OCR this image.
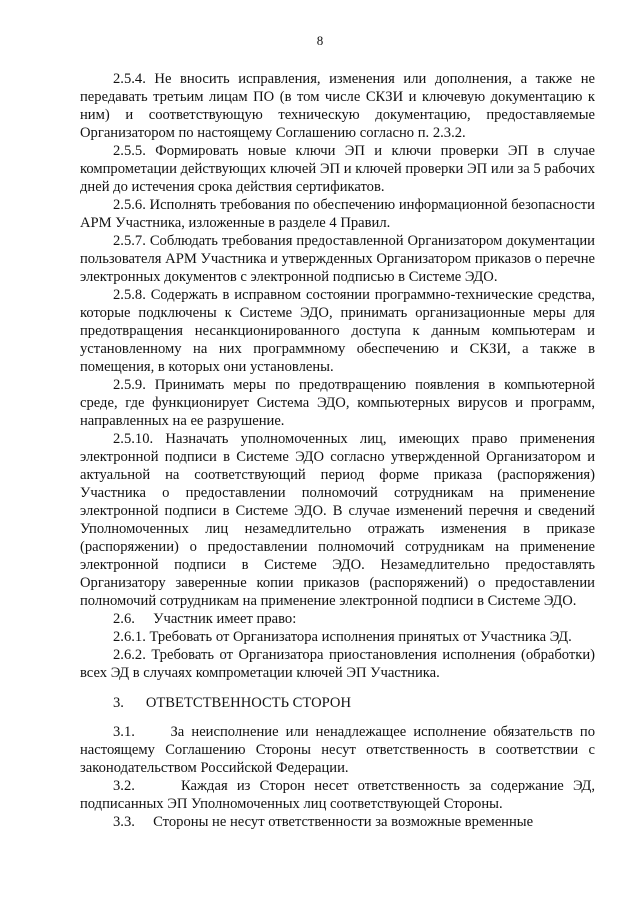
8

2.5.4. Не вносить исправления, изменения или дополнения, а также не передавать третьим лицам ПО (в том числе СКЗИ и ключевую документацию к ним) и соответствующую техническую документацию, предоставляемые Организатором по настоящему Соглашению согласно п. 2.3.2.

2.5.5. Формировать новые ключи ЭП и ключи проверки ЭП в случае компрометации действующих ключей ЭП и ключей проверки ЭП или за 5 рабочих дней до истечения срока действия сертификатов.

2.5.6. Исполнять требования по обеспечению информационной безопасности АРМ Участника, изложенные в разделе 4 Правил.

2.5.7. Соблюдать требования предоставленной Организатором документации пользователя АРМ Участника и утвержденных Организатором приказов о перечне электронных документов с электронной подписью в Системе ЭДО.

2.5.8. Содержать в исправном состоянии программно-технические средства, которые подключены к Системе ЭДО, принимать организационные меры для предотвращения несанкционированного доступа к данным компьютерам и установленному на них программному обеспечению и СКЗИ, а также в помещения, в которых они установлены.

2.5.9. Принимать меры по предотвращению появления в компьютерной среде, где функционирует Система ЭДО, компьютерных вирусов и программ, направленных на ее разрушение.

2.5.10. Назначать уполномоченных лиц, имеющих право применения электронной подписи в Системе ЭДО согласно утвержденной Организатором и актуальной на соответствующий период форме приказа (распоряжения) Участника о предоставлении полномочий сотрудникам на применение электронной подписи в Системе ЭДО. В случае изменений перечня и сведений Уполномоченных лиц незамедлительно отражать изменения в приказе (распоряжении) о предоставлении полномочий сотрудникам на применение электронной подписи в Системе ЭДО. Незамедлительно предоставлять Организатору заверенные копии приказов (распоряжений) о предоставлении полномочий сотрудникам на применение электронной подписи в Системе ЭДО.

2.6. Участник имеет право:

2.6.1. Требовать от Организатора исполнения принятых от Участника ЭД.

2.6.2. Требовать от Организатора приостановления исполнения (обработки) всех ЭД в случаях компрометации ключей ЭП Участника.

3. ОТВЕТСТВЕННОСТЬ СТОРОН

3.1. За неисполнение или ненадлежащее исполнение обязательств по настоящему Соглашению Стороны несут ответственность в соответствии с законодательством Российской Федерации.

3.2.	Каждая из Сторон несет ответственность за содержание ЭД, подписанных ЭП Уполномоченных лиц соответствующей Стороны.

3.3. Стороны не несут ответственности за возможные временные
